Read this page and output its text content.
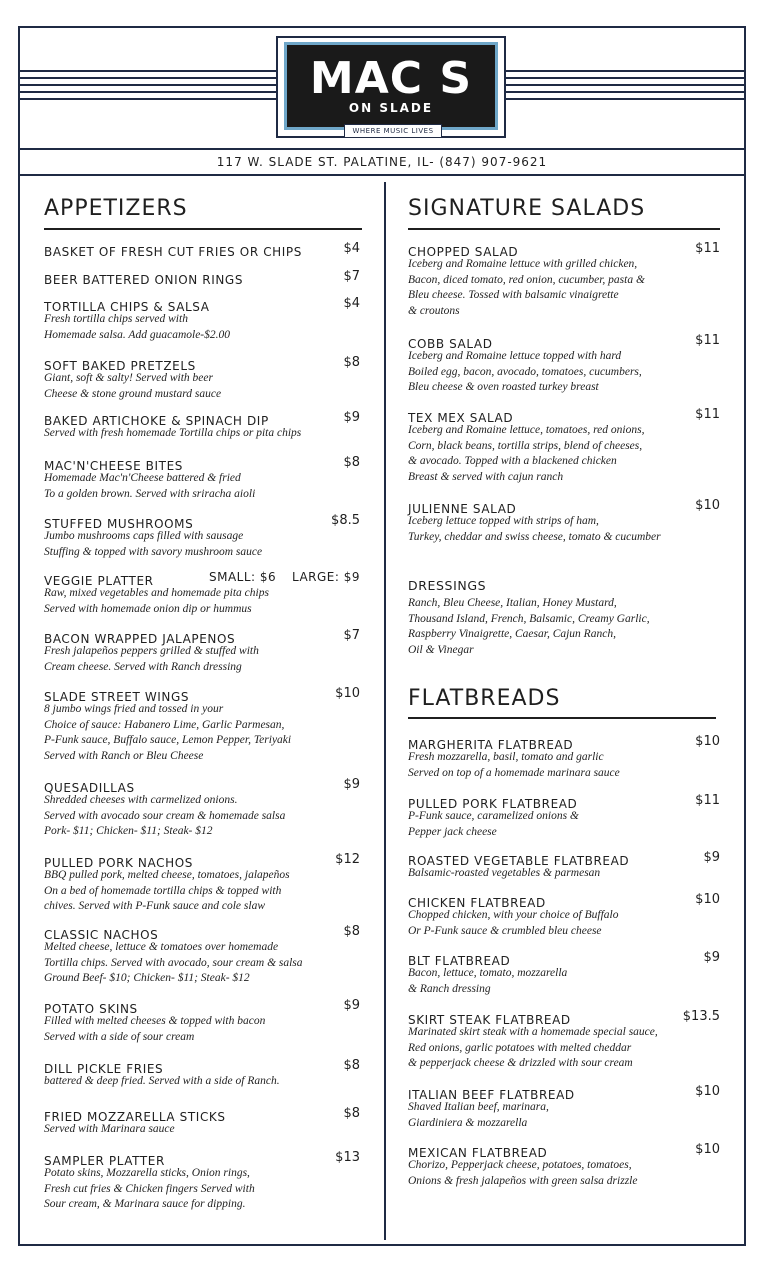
MAC S
ON SLADE
WHERE MUSIC LIVES
117 W. SLADE ST. PALATINE, IL- (847) 907-9621
APPETIZERS
BASKET OF FRESH CUT FRIES OR CHIPS	$4
BEER BATTERED ONION RINGS	$7
TORTILLA CHIPS & SALSA	$4
Fresh tortilla chips served with
Homemade salsa. Add guacamole-$2.00
SOFT BAKED PRETZELS	$8
Giant, soft & salty! Served with beer
Cheese & stone ground mustard sauce
BAKED ARTICHOKE & SPINACH DIP	$9
Served with fresh homemade Tortilla chips or pita chips
MAC'N'CHEESE BITES	$8
Homemade Mac'n'Cheese battered & fried
To a golden brown. Served with sriracha aioli
STUFFED MUSHROOMS	$8.5
Jumbo mushrooms caps filled with sausage
Stuffing & topped with savory mushroom sauce
VEGGIE PLATTER	SMALL: $6 LARGE: $9
Raw, mixed vegetables and homemade pita chips
Served with homemade onion dip or hummus
BACON WRAPPED JALAPENOS	$7
Fresh jalapeños peppers grilled & stuffed with
Cream cheese. Served with Ranch dressing
SLADE STREET WINGS	$10
8 jumbo wings fried and tossed in your
Choice of sauce: Habanero Lime, Garlic Parmesan,
P-Funk sauce, Buffalo sauce, Lemon Pepper, Teriyaki
Served with Ranch or Bleu Cheese
QUESADILLAS	$9
Shredded cheeses with carmelized onions.
Served with avocado sour cream & homemade salsa
Pork- $11; Chicken- $11; Steak- $12
PULLED PORK NACHOS	$12
BBQ pulled pork, melted cheese, tomatoes, jalapeños
On a bed of homemade tortilla chips & topped with
chives. Served with P-Funk sauce and cole slaw
CLASSIC NACHOS	$8
Melted cheese, lettuce & tomatoes over homemade
Tortilla chips. Served with avocado, sour cream & salsa
Ground Beef- $10; Chicken- $11; Steak- $12
POTATO SKINS	$9
Filled with melted cheeses & topped with bacon
Served with a side of sour cream
DILL PICKLE FRIES	$8
battered & deep fried. Served with a side of Ranch.
FRIED MOZZARELLA STICKS	$8
Served with Marinara sauce
SAMPLER PLATTER	$13
Potato skins, Mozzarella sticks, Onion rings,
Fresh cut fries & Chicken fingers Served with
Sour cream, & Marinara sauce for dipping.
SIGNATURE SALADS
CHOPPED SALAD	$11
Iceberg and Romaine lettuce with grilled chicken,
Bacon, diced tomato, red onion, cucumber, pasta &
Bleu cheese. Tossed with balsamic vinaigrette
& croutons
COBB SALAD	$11
Iceberg and Romaine lettuce topped with hard
Boiled egg, bacon, avocado, tomatoes, cucumbers,
Bleu cheese & oven roasted turkey breast
TEX MEX SALAD	$11
Iceberg and Romaine lettuce, tomatoes, red onions,
Corn, black beans, tortilla strips, blend of cheeses,
& avocado. Topped with a blackened chicken
Breast & served with cajun ranch
JULIENNE SALAD	$10
Iceberg lettuce topped with strips of ham,
Turkey, cheddar and swiss cheese, tomato & cucumber
DRESSINGS
Ranch, Bleu Cheese, Italian, Honey Mustard,
Thousand Island, French, Balsamic, Creamy Garlic,
Raspberry Vinaigrette, Caesar, Cajun Ranch,
Oil & Vinegar
FLATBREADS
MARGHERITA FLATBREAD	$10
Fresh mozzarella, basil, tomato and garlic
Served on top of a homemade marinara sauce
PULLED PORK FLATBREAD	$11
P-Funk sauce, caramelized onions &
Pepper jack cheese
ROASTED VEGETABLE FLATBREAD	$9
Balsamic-roasted vegetables & parmesan
CHICKEN FLATBREAD	$10
Chopped chicken, with your choice of Buffalo
Or P-Funk sauce & crumbled bleu cheese
BLT FLATBREAD	$9
Bacon, lettuce, tomato, mozzarella
& Ranch dressing
SKIRT STEAK FLATBREAD	$13.5
Marinated skirt steak with a homemade special sauce,
Red onions, garlic potatoes with melted cheddar
& pepperjack cheese & drizzled with sour cream
ITALIAN BEEF FLATBREAD	$10
Shaved Italian beef, marinara,
Giardiniera & mozzarella
MEXICAN FLATBREAD	$10
Chorizo, Pepperjack cheese, potatoes, tomatoes,
Onions & fresh jalapeños with green salsa drizzle
